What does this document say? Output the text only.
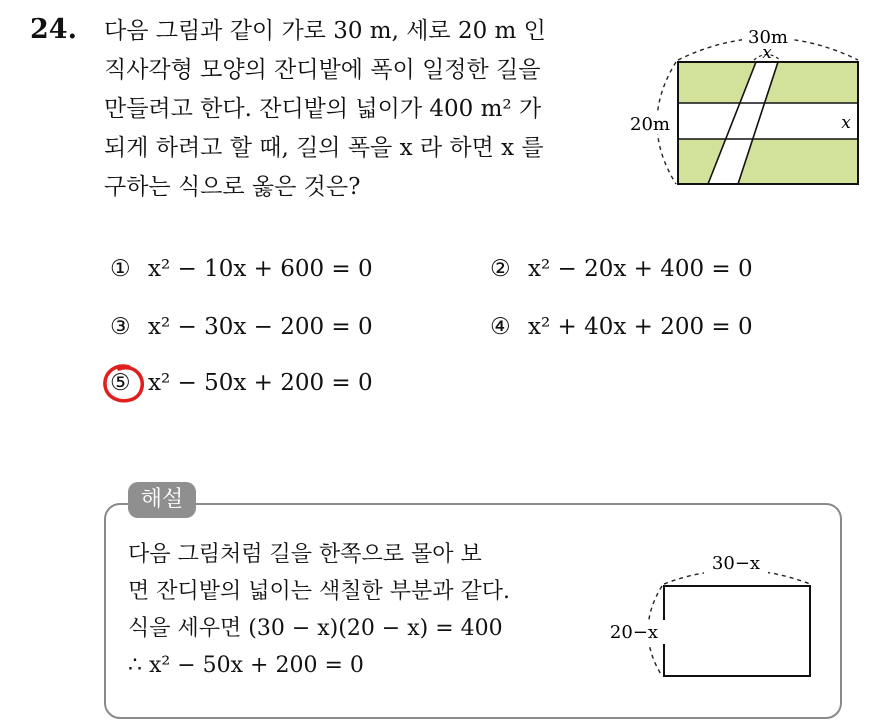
24. 다음 그림과 같이 가로 30 m, 세로 20 m 인
직사각형 모양의 잔디밭에 폭이 일정한 길을
만들려고 한다. 잔디밭의 넓이가 400 m² 가
되게 하려고 할 때, 길의 폭을 x 라 하면 x 를
구하는 식으로 옳은 것은?
30m
20m
x
x
① x² − 10x + 600 = 0	② x² − 20x + 400 = 0
③ x² − 30x − 200 = 0	④ x² + 40x + 200 = 0
⑤ x² − 50x + 200 = 0
해설
다음 그림처럼 길을 한쪽으로 몰아 보
면 잔디밭의 넓이는 색칠한 부분과 같다.
식을 세우면 (30 − x)(20 − x) = 400
∴ x² − 50x + 200 = 0
30−x
20−x
